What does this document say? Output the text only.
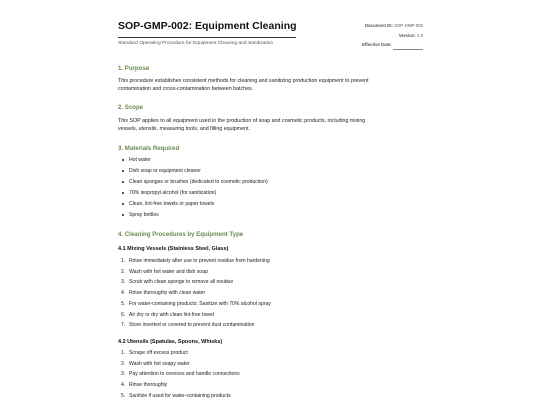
SOP-GMP-002: Equipment Cleaning
Standard Operating Procedure for Equipment Cleaning and Sanitization
Document ID: SOP-GMP-002
Version: 1.0
Effective Date:
1. Purpose
This procedure establishes consistent methods for cleaning and sanitizing production equipment to prevent
contamination and cross-contamination between batches.
2. Scope
This SOP applies to all equipment used in the production of soap and cosmetic products, including mixing
vessels, utensils, measuring tools, and filling equipment.
3. Materials Required
Hot water
Dish soap or equipment cleaner
Clean sponges or brushes (dedicated to cosmetic production)
70% isopropyl alcohol (for sanitization)
Clean, lint-free towels or paper towels
Spray bottles
4. Cleaning Procedures by Equipment Type
4.1 Mixing Vessels (Stainless Steel, Glass)
1. Rinse immediately after use to prevent residue from hardening
2. Wash with hot water and dish soap
3. Scrub with clean sponge to remove all residue
4. Rinse thoroughly with clean water
5. For water-containing products: Sanitize with 70% alcohol spray
6. Air dry or dry with clean lint-free towel
7. Store inverted or covered to prevent dust contamination
4.2 Utensils (Spatulas, Spoons, Whisks)
1. Scrape off excess product
2. Wash with hot soapy water
3. Pay attention to crevices and handle connections
4. Rinse thoroughly
5. Sanitize if used for water-containing products
